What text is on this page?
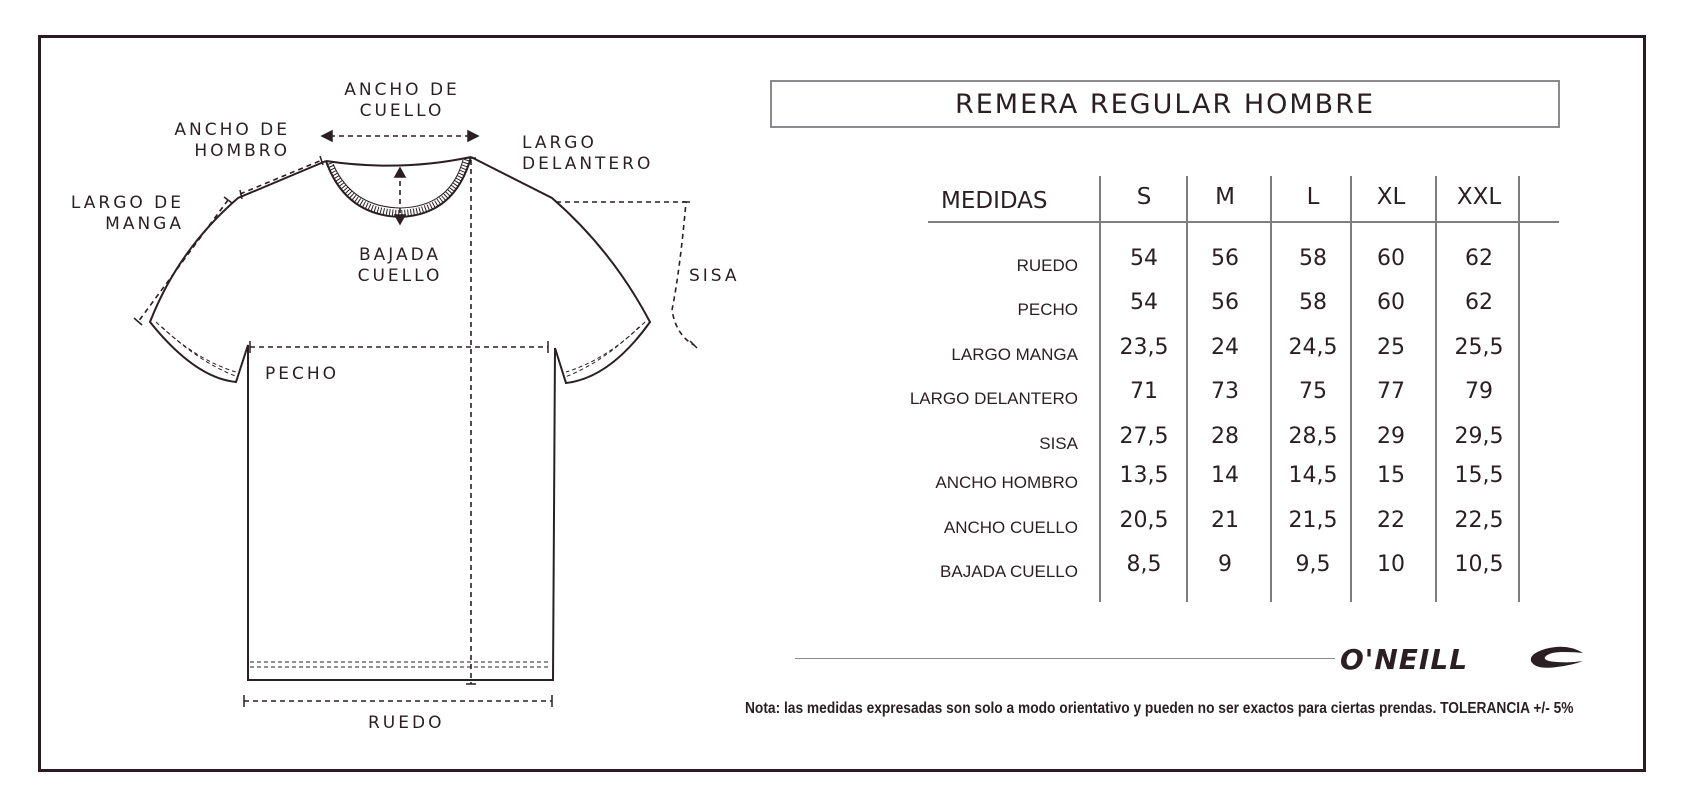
ANCHO DE
CUELLO
ANCHO DE
HOMBRO	LARGO
DELANTERO
LARGO DE
MANGA
BAJADA
CUELLO	SISA
PECHO
RUEDO
REMERA REGULAR HOMBRE
MEDIDAS	S	M	L	XL	XXL
RUEDO	54	56	58	60	62
PECHO	54	56	58	60	62
LARGO MANGA	23,5	24	24,5	25	25,5
LARGO DELANTERO	71	73	75	77	79
SISA	27,5	28	28,5	29	29,5
ANCHO HOMBRO	13,5	14	14,5	15	15,5
ANCHO CUELLO	20,5	21	21,5	22	22,5
BAJADA CUELLO	8,5	9	9,5	10	10,5
O'NEILL
Nota: las medidas expresadas son solo a modo orientativo y pueden no ser exactos para ciertas prendas. TOLERANCIA +/- 5%
